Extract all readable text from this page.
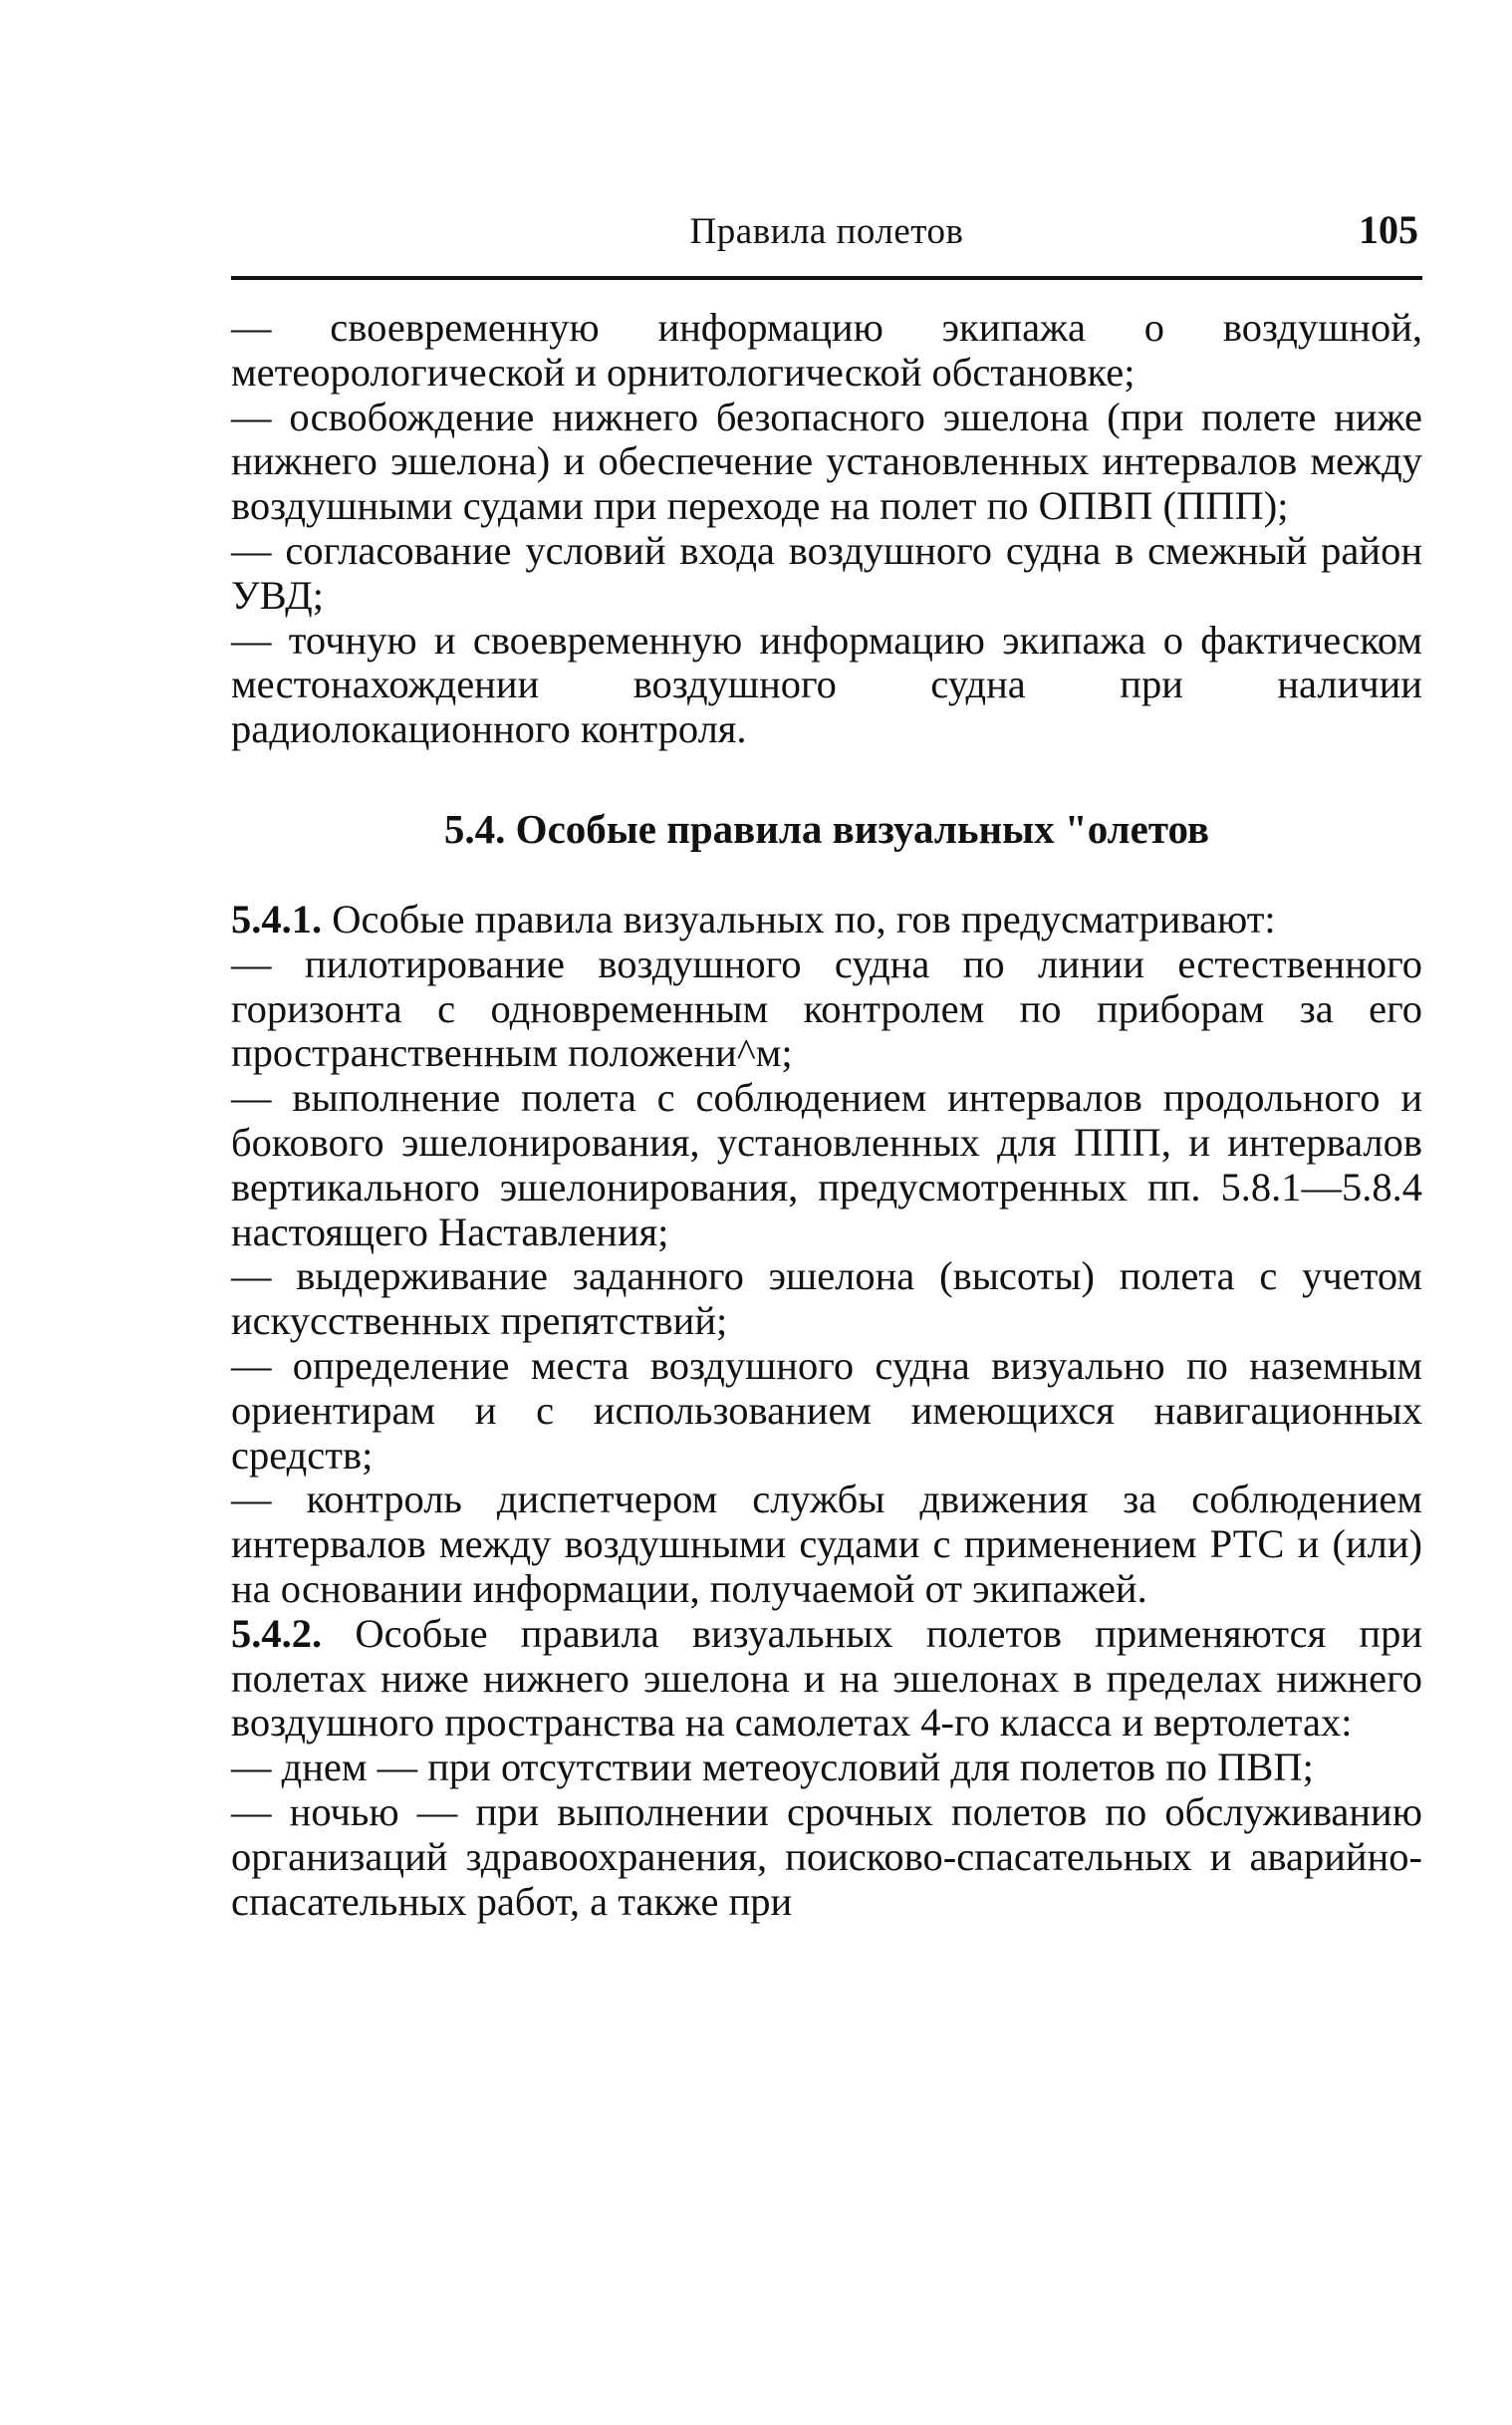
Правила полетов	105

— своевременную информацию экипажа о воздушной, метеорологической и орнитологической обстановке;

— освобождение нижнего безопасного эшелона (при полете ниже нижнего эшелона) и обеспечение установленных интервалов между воздушными судами при переходе на полет по ОПВП (ППП);

— согласование условий входа воздушного судна в смежный район УВД;

— точную и своевременную информацию экипажа о фактическом местонахождении воздушного судна при наличии радиолокационного контроля.

5.4. Особые правила визуальных "олетов

5.4.1. Особые правила визуальных по, гов предусматривают:

— пилотирование воздушного судна по линии естественного горизонта с одновременным контролем по приборам за его пространственным положени^м;

— выполнение полета с соблюдением интервалов продольного и бокового эшелонирования, установленных для ППП, и интервалов вертикального эшелонирования, предусмотренных пп. 5.8.1—5.8.4 настоящего Наставления;

— выдерживание заданного эшелона (высоты) полета с учетом искусственных препятствий;

— определение места воздушного судна визуально по наземным ориентирам и с использованием имеющихся навигационных средств;

— контроль диспетчером службы движения за соблюдением интервалов между воздушными судами с применением РТС и (или) на основании информации, получаемой от экипажей.

5.4.2. Особые правила визуальных полетов применяются при полетах ниже нижнего эшелона и на эшелонах в пределах нижнего воздушного пространства на самолетах 4-го класса и вертолетах:

— днем — при отсутствии метеоусловий для полетов по ПВП;

— ночью — при выполнении срочных полетов по обслуживанию организаций здравоохранения, поисково-спасательных и аварийно-спасательных работ, а также при
